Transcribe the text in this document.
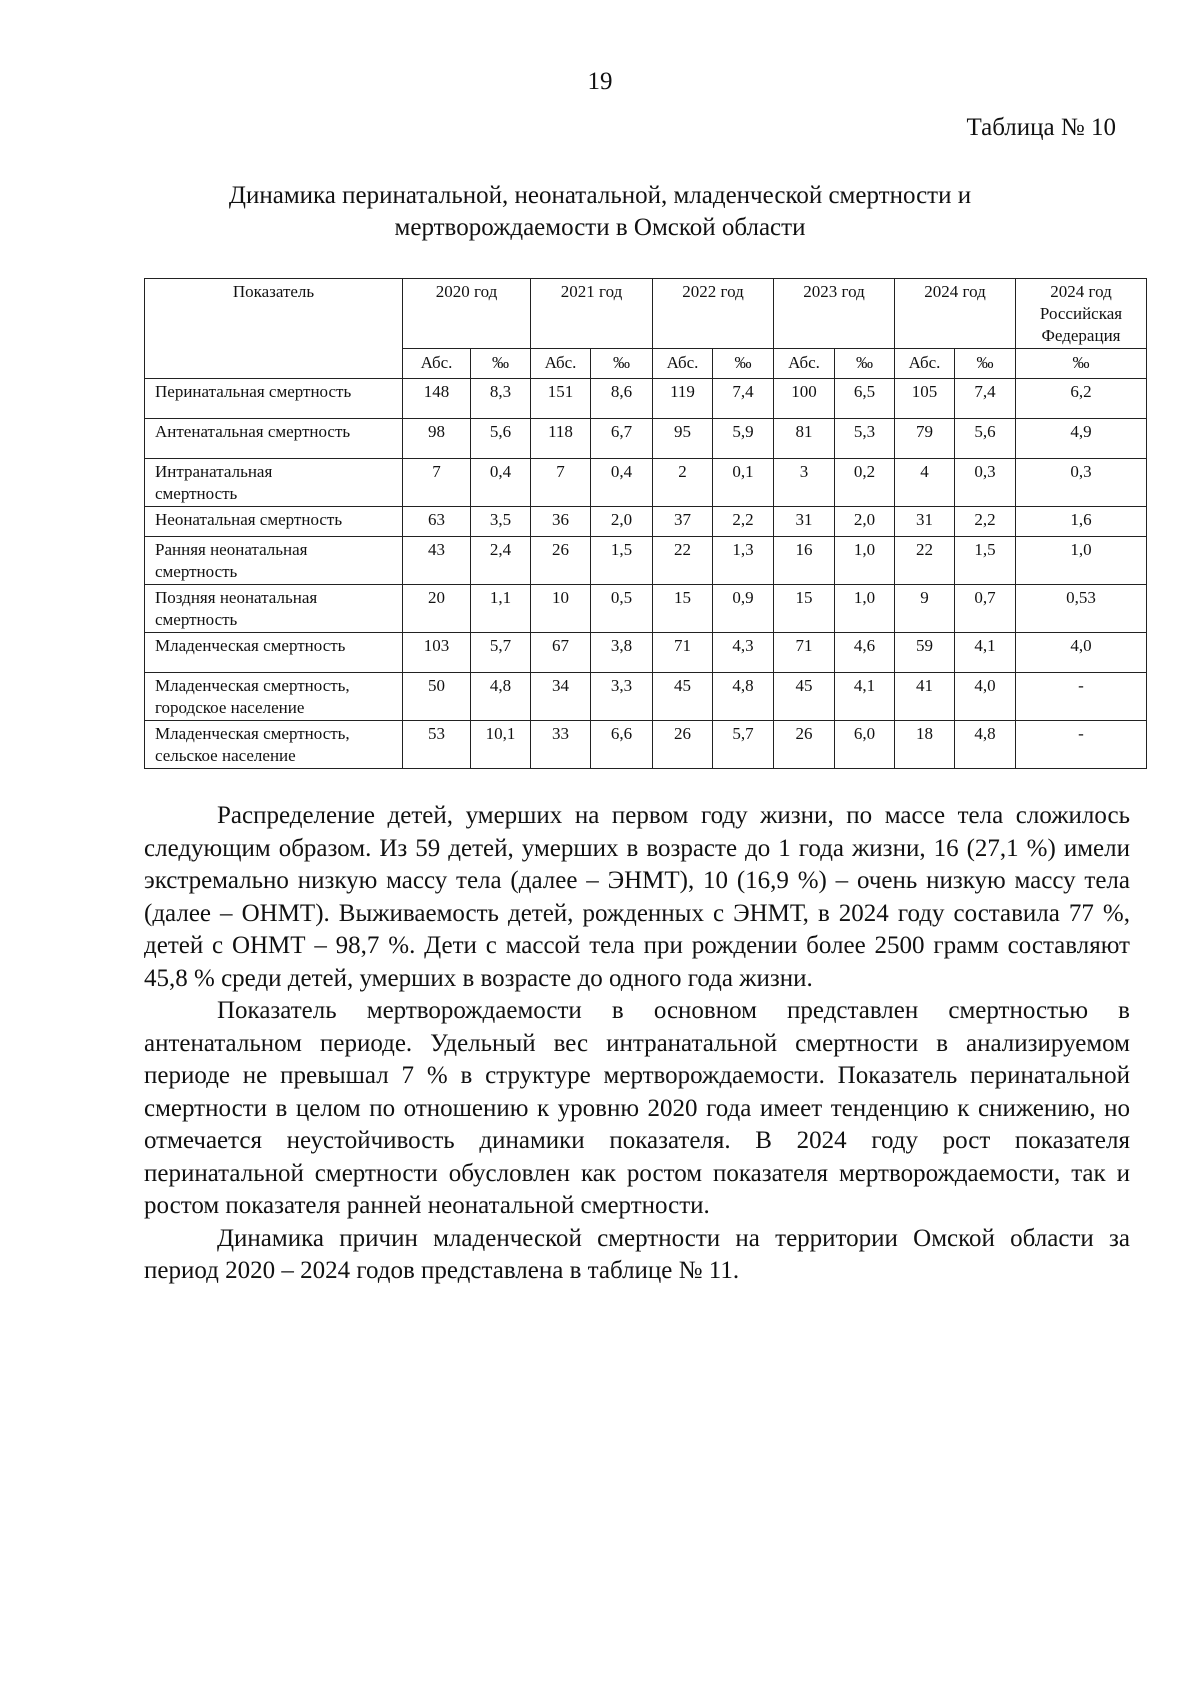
19
Таблица № 10
Динамика перинатальной, неонатальной, младенческой смертности и
мертворождаемости в Омской области
Показатель	2020 год		2021 год		2022 год		2023 год		2024 год		2024 год
Российская
Федерация

	Абс.	‰	Абс.	‰	Абс.	‰	Абс.	‰	Абс.	‰	‰

Перинатальная смертность	148	8,3	151	8,6	119	7,4	100	6,5	105	7,4	6,2

Антенатальная смертность	98	5,6	118	6,7	95	5,9	81	5,3	79	5,6	4,9

Интранатальная
смертность	7	0,4	7	0,4	2	0,1	3	0,2	4	0,3	0,3

Неонатальная смертность	63	3,5	36	2,0	37	2,2	31	2,0	31	2,2	1,6

Ранняя неонатальная
смертность	43	2,4	26	1,5	22	1,3	16	1,0	22	1,5	1,0

Поздняя неонатальная
смертность	20	1,1	10	0,5	15	0,9	15	1,0	9	0,7	0,53

Младенческая смертность	103	5,7	67	3,8	71	4,3	71	4,6	59	4,1	4,0

Младенческая смертность,
городское население	50	4,8	34	3,3	45	4,8	45	4,1	41	4,0	-

Младенческая смертность,
сельское население	53	10,1	33	6,6	26	5,7	26	6,0	18	4,8	-

Распределение детей, умерших на первом году жизни, по массе тела сложилось следующим образом. Из 59 детей, умерших в возрасте до 1 года жизни, 16 (27,1 %) имели экстремально низкую массу тела (далее – ЭНМТ), 10 (16,9 %) – очень низкую массу тела (далее – ОНМТ). Выживаемость детей, рожденных с ЭНМТ, в 2024 году составила 77 %, детей с ОНМТ – 98,7 %. Дети с массой тела при рождении более 2500 грамм составляют 45,8 % среди детей, умерших в возрасте до одного года жизни.

Показатель мертворождаемости в основном представлен смертностью в антенатальном периоде. Удельный вес интранатальной смертности в анализируемом периоде не превышал 7 % в структуре мертворождаемости. Показатель перинатальной смертности в целом по отношению к уровню 2020 года имеет тенденцию к снижению, но отмечается неустойчивость динамики показателя. В 2024 году рост показателя перинатальной смертности обусловлен как ростом показателя мертворождаемости, так и ростом показателя ранней неонатальной смертности.

Динамика причин младенческой смертности на территории Омской области за период 2020 – 2024 годов представлена в таблице № 11.
